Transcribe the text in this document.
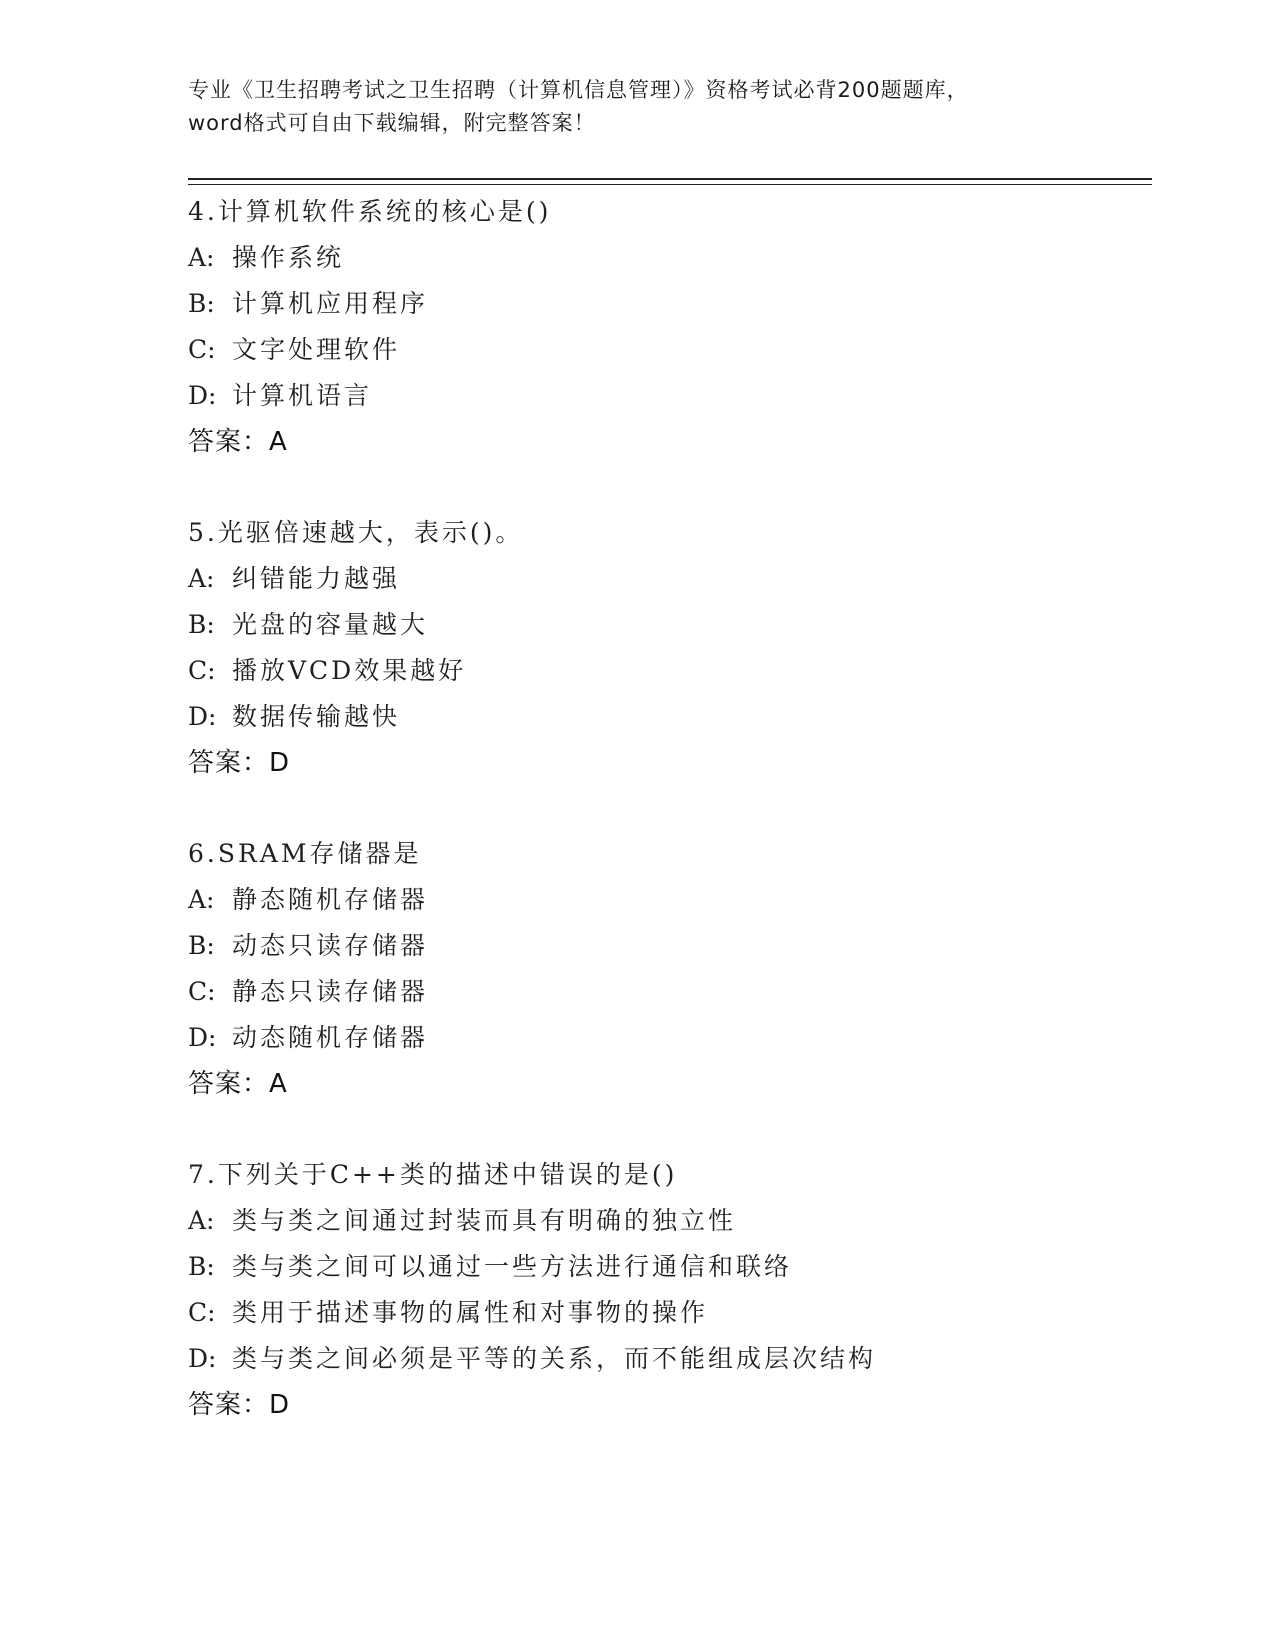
专业《卫生招聘考试之卫生招聘（计算机信息管理）》资格考试必背200题题库，
word格式可自由下载编辑，附完整答案！
4.计算机软件系统的核心是()
A: 操作系统
B: 计算机应用程序
C: 文字处理软件
D: 计算机语言
答案：A
5.光驱倍速越大，表示()。
A: 纠错能力越强
B: 光盘的容量越大
C: 播放VCD效果越好
D: 数据传输越快
答案：D
6.SRAM存储器是
A: 静态随机存储器
B: 动态只读存储器
C: 静态只读存储器
D: 动态随机存储器
答案：A
7.下列关于C++类的描述中错误的是()
A: 类与类之间通过封装而具有明确的独立性
B: 类与类之间可以通过一些方法进行通信和联络
C: 类用于描述事物的属性和对事物的操作
D: 类与类之间必须是平等的关系，而不能组成层次结构
答案：D
